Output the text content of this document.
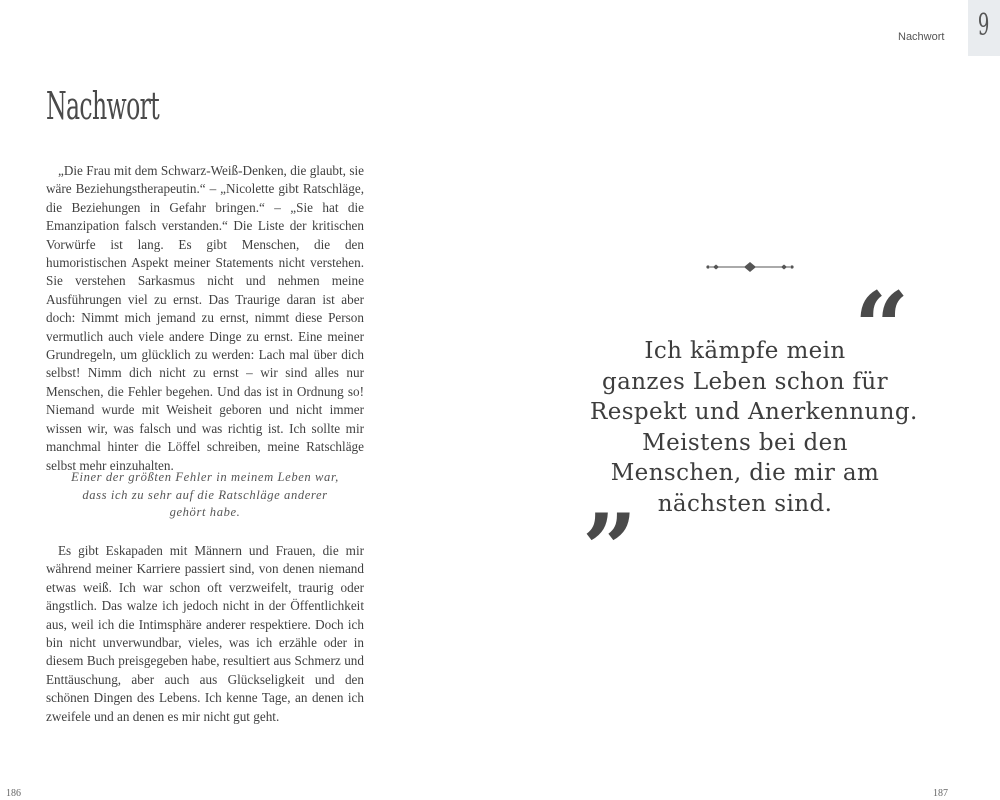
Nachwort

„Die Frau mit dem Schwarz-Weiß-Denken, die glaubt, sie wäre Beziehungstherapeutin.“ – „Nicolette gibt Ratschläge, die Beziehungen in Gefahr bringen.“ – „Sie hat die Emanzipation falsch verstanden.“ Die Liste der kritischen Vorwürfe ist lang. Es gibt Menschen, die den humoristischen Aspekt meiner Statements nicht verstehen. Sie verstehen Sarkasmus nicht und nehmen meine Ausführungen viel zu ernst. Das Traurige daran ist aber doch: Nimmt mich jemand zu ernst, nimmt diese Person vermutlich auch viele andere Dinge zu ernst. Eine meiner Grundregeln, um glücklich zu werden: Lach mal über dich selbst! Nimm dich nicht zu ernst – wir sind alles nur Menschen, die Fehler begehen. Und das ist in Ordnung so! Niemand wurde mit Weisheit geboren und nicht immer wissen wir, was falsch und was richtig ist. Ich sollte mir manchmal hinter die Löffel schreiben, meine Ratschläge selbst mehr einzuhalten.

Einer der größten Fehler in meinem Leben war,
dass ich zu sehr auf die Ratschläge anderer
gehört habe.

Es gibt Eskapaden mit Männern und Frauen, die mir während meiner Karriere passiert sind, von denen niemand etwas weiß. Ich war schon oft verzweifelt, traurig oder ängstlich. Das walze ich jedoch nicht in der Öffentlichkeit aus, weil ich die Intimsphäre anderer respektiere. Doch ich bin nicht unverwundbar, vieles, was ich erzähle oder in diesem Buch preisgegeben habe, resultiert aus Schmerz und Enttäuschung, aber auch aus Glückseligkeit und den schönen Dingen des Lebens. Ich kenne Tage, an denen ich zweifele und an denen es mir nicht gut geht.

186
Nachwort 9
“
Ich kämpfe mein
ganzes Leben schon für
Respekt und Anerkennung.
Meistens bei den
Menschen, die mir am
nächsten sind.
”
187
